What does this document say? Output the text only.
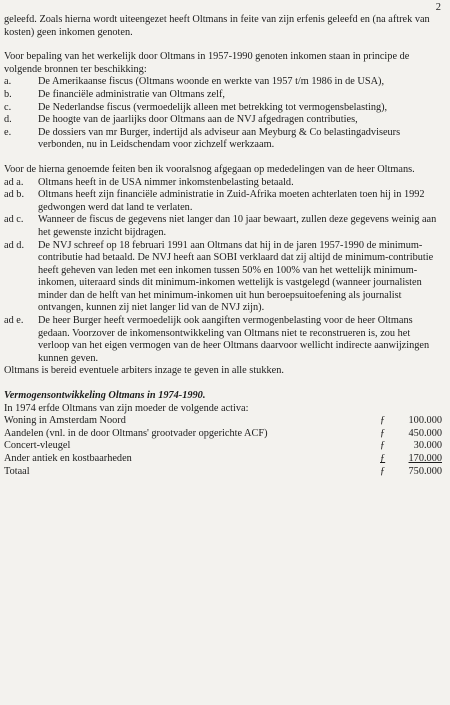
2

geleefd. Zoals hierna wordt uiteengezet heeft Oltmans in feite van zijn erfenis geleefd en (na aftrek van kosten) geen inkomen genoten.

Voor bepaling van het werkelijk door Oltmans in 1957-1990 genoten inkomen staan in principe de volgende bronnen ter beschikking:

a.	De Amerikaanse fiscus (Oltmans woonde en werkte van 1957 t/m 1986 in de USA),
b.	De financiële administratie van Oltmans zelf,
c.	De Nederlandse fiscus (vermoedelijk alleen met betrekking tot vermogensbelasting),
d.	De hoogte van de jaarlijks door Oltmans aan de NVJ afgedragen contributies,
e.	De dossiers van mr Burger, indertijd als adviseur aan Meyburg & Co belastingadviseurs verbonden, nu in Leidschendam voor zichzelf werkzaam.

Voor de hierna genoemde feiten ben ik vooralsnog afgegaan op mededelingen van de heer Oltmans.

ad a.	Oltmans heeft in de USA nimmer inkomstenbelasting betaald.
ad b.	Oltmans heeft zijn financiële administratie in Zuid-Afrika moeten achterlaten toen hij in 1992 gedwongen werd dat land te verlaten.
ad c.	Wanneer de fiscus de gegevens niet langer dan 10 jaar bewaart, zullen deze gegevens weinig aan het gewenste inzicht bijdragen.
ad d.	De NVJ schreef op 18 februari 1991 aan Oltmans dat hij in de jaren 1957-1990 de minimum-contributie had betaald. De NVJ heeft aan SOBI verklaard dat zij altijd de minimum-contributie heeft geheven van leden met een inkomen tussen 50% en 100% van het wettelijk minimum-inkomen, uiteraard sinds dit minimum-inkomen wettelijk is vastgelegd (wanneer journalisten minder dan de helft van het minimum-inkomen uit hun beroepsuitoefening als journalist ontvangen, kunnen zij niet langer lid van de NVJ zijn).
ad e.	De heer Burger heeft vermoedelijk ook aangiften vermogenbelasting voor de heer Oltmans gedaan. Voorzover de inkomensontwikkeling van Oltmans niet te reconstrueren is, zou het verloop van het eigen vermogen van de heer Oltmans daarvoor wellicht indirecte aanwijzingen kunnen geven.

Oltmans is bereid eventuele arbiters inzage te geven in alle stukken.

Vermogensontwikkeling Oltmans in 1974-1990.

In 1974 erfde Oltmans van zijn moeder de volgende activa:

Woning in Amsterdam Noord	ƒ 100.000
Aandelen (vnl. in de door Oltmans' grootvader opgerichte ACF)	ƒ 450.000
Concert-vleugel	ƒ	30.000
Ander antiek en kostbaarheden	ƒ 170.000
Totaal	ƒ 750.000
